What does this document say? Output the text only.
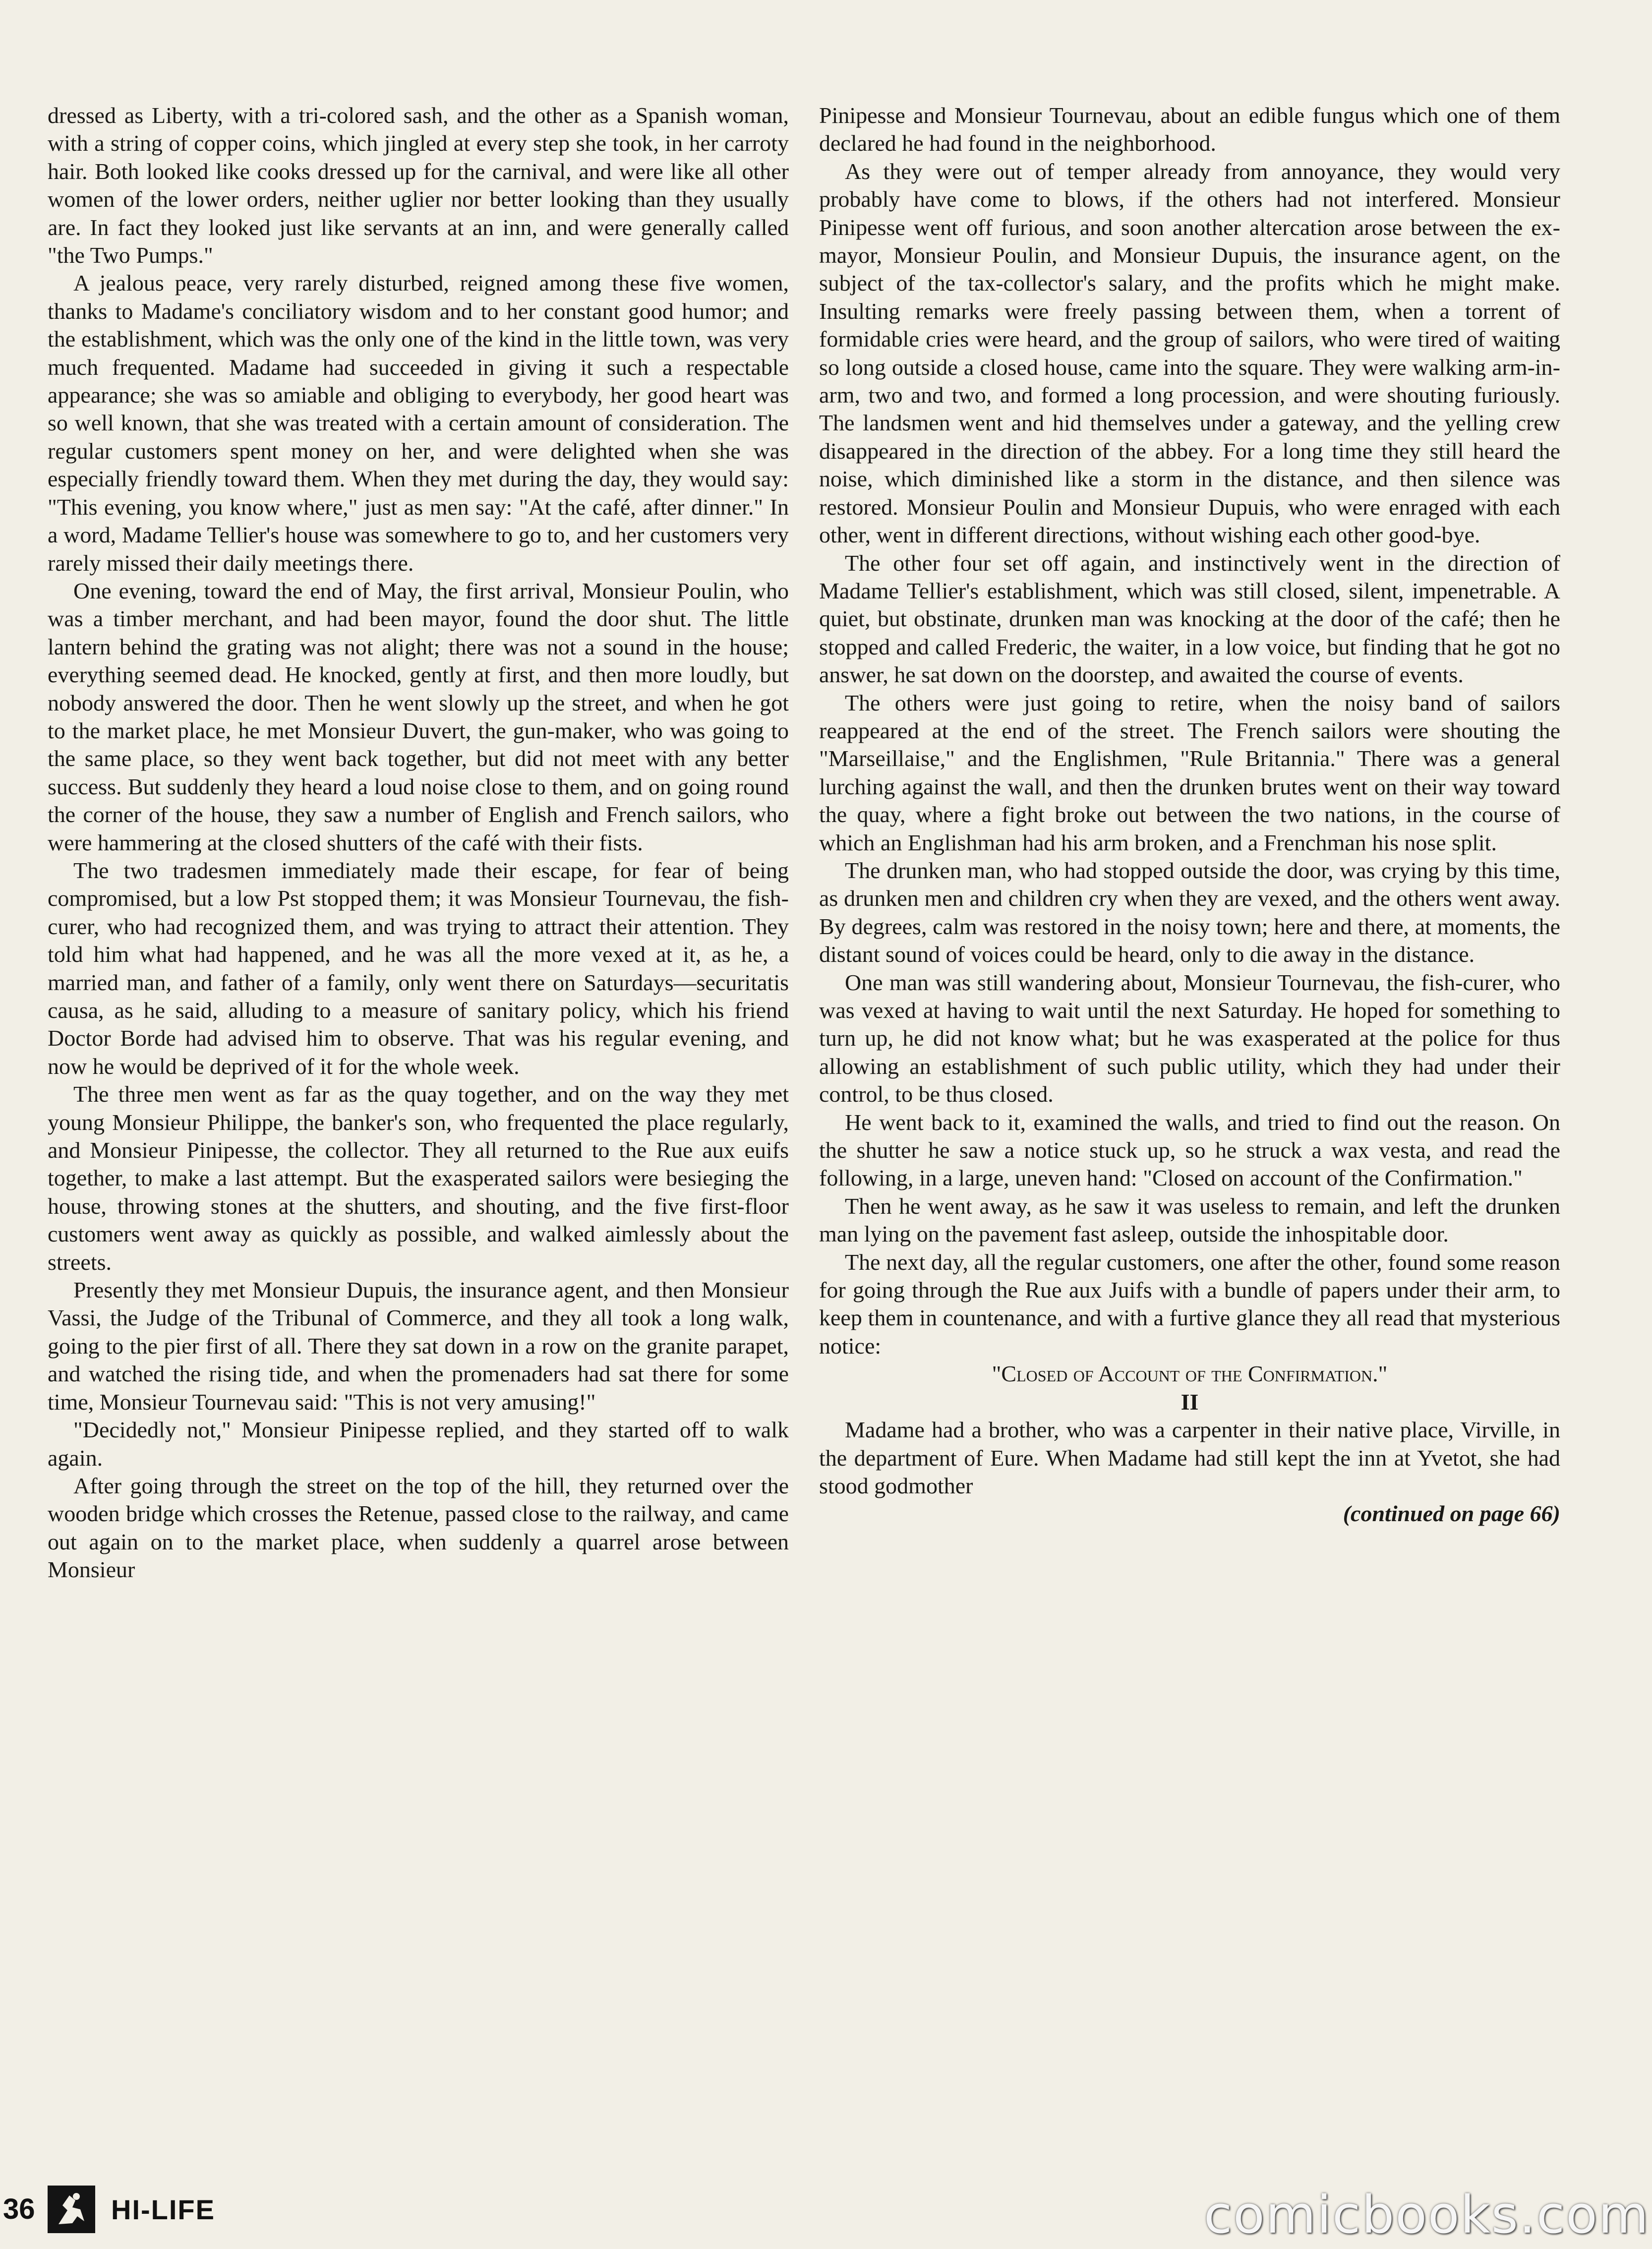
dressed as Liberty, with a tri-colored sash, and the other as a Spanish woman, with a string of copper coins, which jingled at every step she took, in her carroty hair. Both looked like cooks dressed up for the carnival, and were like all other women of the lower orders, neither uglier nor better looking than they usually are. In fact they looked just like servants at an inn, and were generally called "the Two Pumps."

A jealous peace, very rarely disturbed, reigned among these five women, thanks to Madame's conciliatory wisdom and to her constant good humor; and the establishment, which was the only one of the kind in the little town, was very much frequented. Madame had succeeded in giving it such a respectable appearance; she was so amiable and obliging to everybody, her good heart was so well known, that she was treated with a certain amount of consideration. The regular customers spent money on her, and were delighted when she was especially friendly toward them. When they met during the day, they would say: "This evening, you know where," just as men say: "At the café, after dinner." In a word, Madame Tellier's house was somewhere to go to, and her customers very rarely missed their daily meetings there.

One evening, toward the end of May, the first arrival, Monsieur Poulin, who was a timber merchant, and had been mayor, found the door shut. The little lantern behind the grating was not alight; there was not a sound in the house; everything seemed dead. He knocked, gently at first, and then more loudly, but nobody answered the door. Then he went slowly up the street, and when he got to the market place, he met Monsieur Duvert, the gun-maker, who was going to the same place, so they went back together, but did not meet with any better success. But suddenly they heard a loud noise close to them, and on going round the corner of the house, they saw a number of English and French sailors, who were hammering at the closed shutters of the café with their fists.

The two tradesmen immediately made their escape, for fear of being compromised, but a low Pst stopped them; it was Monsieur Tournevau, the fish-curer, who had recognized them, and was trying to attract their attention. They told him what had happened, and he was all the more vexed at it, as he, a married man, and father of a family, only went there on Saturdays—securitatis causa, as he said, alluding to a measure of sanitary policy, which his friend Doctor Borde had advised him to observe. That was his regular evening, and now he would be deprived of it for the whole week.

The three men went as far as the quay together, and on the way they met young Monsieur Philippe, the banker's son, who frequented the place regularly, and Monsieur Pinipesse, the collector. They all returned to the Rue aux euifs together, to make a last attempt. But the exasperated sailors were besieging the house, throwing stones at the shutters, and shouting, and the five first-floor customers went away as quickly as possible, and walked aimlessly about the streets.

Presently they met Monsieur Dupuis, the insurance agent, and then Monsieur Vassi, the Judge of the Tribunal of Commerce, and they all took a long walk, going to the pier first of all. There they sat down in a row on the granite parapet, and watched the rising tide, and when the promenaders had sat there for some time, Monsieur Tournevau said: "This is not very amusing!"

"Decidedly not," Monsieur Pinipesse replied, and they started off to walk again.

After going through the street on the top of the hill, they returned over the wooden bridge which crosses the Retenue, passed close to the railway, and came out again on to the market place, when suddenly a quarrel arose between Monsieur

Pinipesse and Monsieur Tournevau, about an edible fungus which one of them declared he had found in the neighborhood.

As they were out of temper already from annoyance, they would very probably have come to blows, if the others had not interfered. Monsieur Pinipesse went off furious, and soon another altercation arose between the ex-mayor, Monsieur Poulin, and Monsieur Dupuis, the insurance agent, on the subject of the tax-collector's salary, and the profits which he might make. Insulting remarks were freely passing between them, when a torrent of formidable cries were heard, and the group of sailors, who were tired of waiting so long outside a closed house, came into the square. They were walking arm-in-arm, two and two, and formed a long procession, and were shouting furiously. The landsmen went and hid themselves under a gateway, and the yelling crew disappeared in the direction of the abbey. For a long time they still heard the noise, which diminished like a storm in the distance, and then silence was restored. Monsieur Poulin and Monsieur Dupuis, who were enraged with each other, went in different directions, without wishing each other good-bye.

The other four set off again, and instinctively went in the direction of Madame Tellier's establishment, which was still closed, silent, impenetrable. A quiet, but obstinate, drunken man was knocking at the door of the café; then he stopped and called Frederic, the waiter, in a low voice, but finding that he got no answer, he sat down on the doorstep, and awaited the course of events.

The others were just going to retire, when the noisy band of sailors reappeared at the end of the street. The French sailors were shouting the "Marseillaise," and the Englishmen, "Rule Britannia." There was a general lurching against the wall, and then the drunken brutes went on their way toward the quay, where a fight broke out between the two nations, in the course of which an Englishman had his arm broken, and a Frenchman his nose split.

The drunken man, who had stopped outside the door, was crying by this time, as drunken men and children cry when they are vexed, and the others went away. By degrees, calm was restored in the noisy town; here and there, at moments, the distant sound of voices could be heard, only to die away in the distance.

One man was still wandering about, Monsieur Tournevau, the fish-curer, who was vexed at having to wait until the next Saturday. He hoped for something to turn up, he did not know what; but he was exasperated at the police for thus allowing an establishment of such public utility, which they had under their control, to be thus closed.

He went back to it, examined the walls, and tried to find out the reason. On the shutter he saw a notice stuck up, so he struck a wax vesta, and read the following, in a large, uneven hand: "Closed on account of the Confirmation."

Then he went away, as he saw it was useless to remain, and left the drunken man lying on the pavement fast asleep, outside the inhospitable door.

The next day, all the regular customers, one after the other, found some reason for going through the Rue aux Juifs with a bundle of papers under their arm, to keep them in countenance, and with a furtive glance they all read that mysterious notice:

"Closed of Account of the Confirmation."

II

Madame had a brother, who was a carpenter in their native place, Virville, in the department of Eure. When Madame had still kept the inn at Yvetot, she had stood godmother

(continued on page 66)

36	HI-LIFE	comicbooks.com
